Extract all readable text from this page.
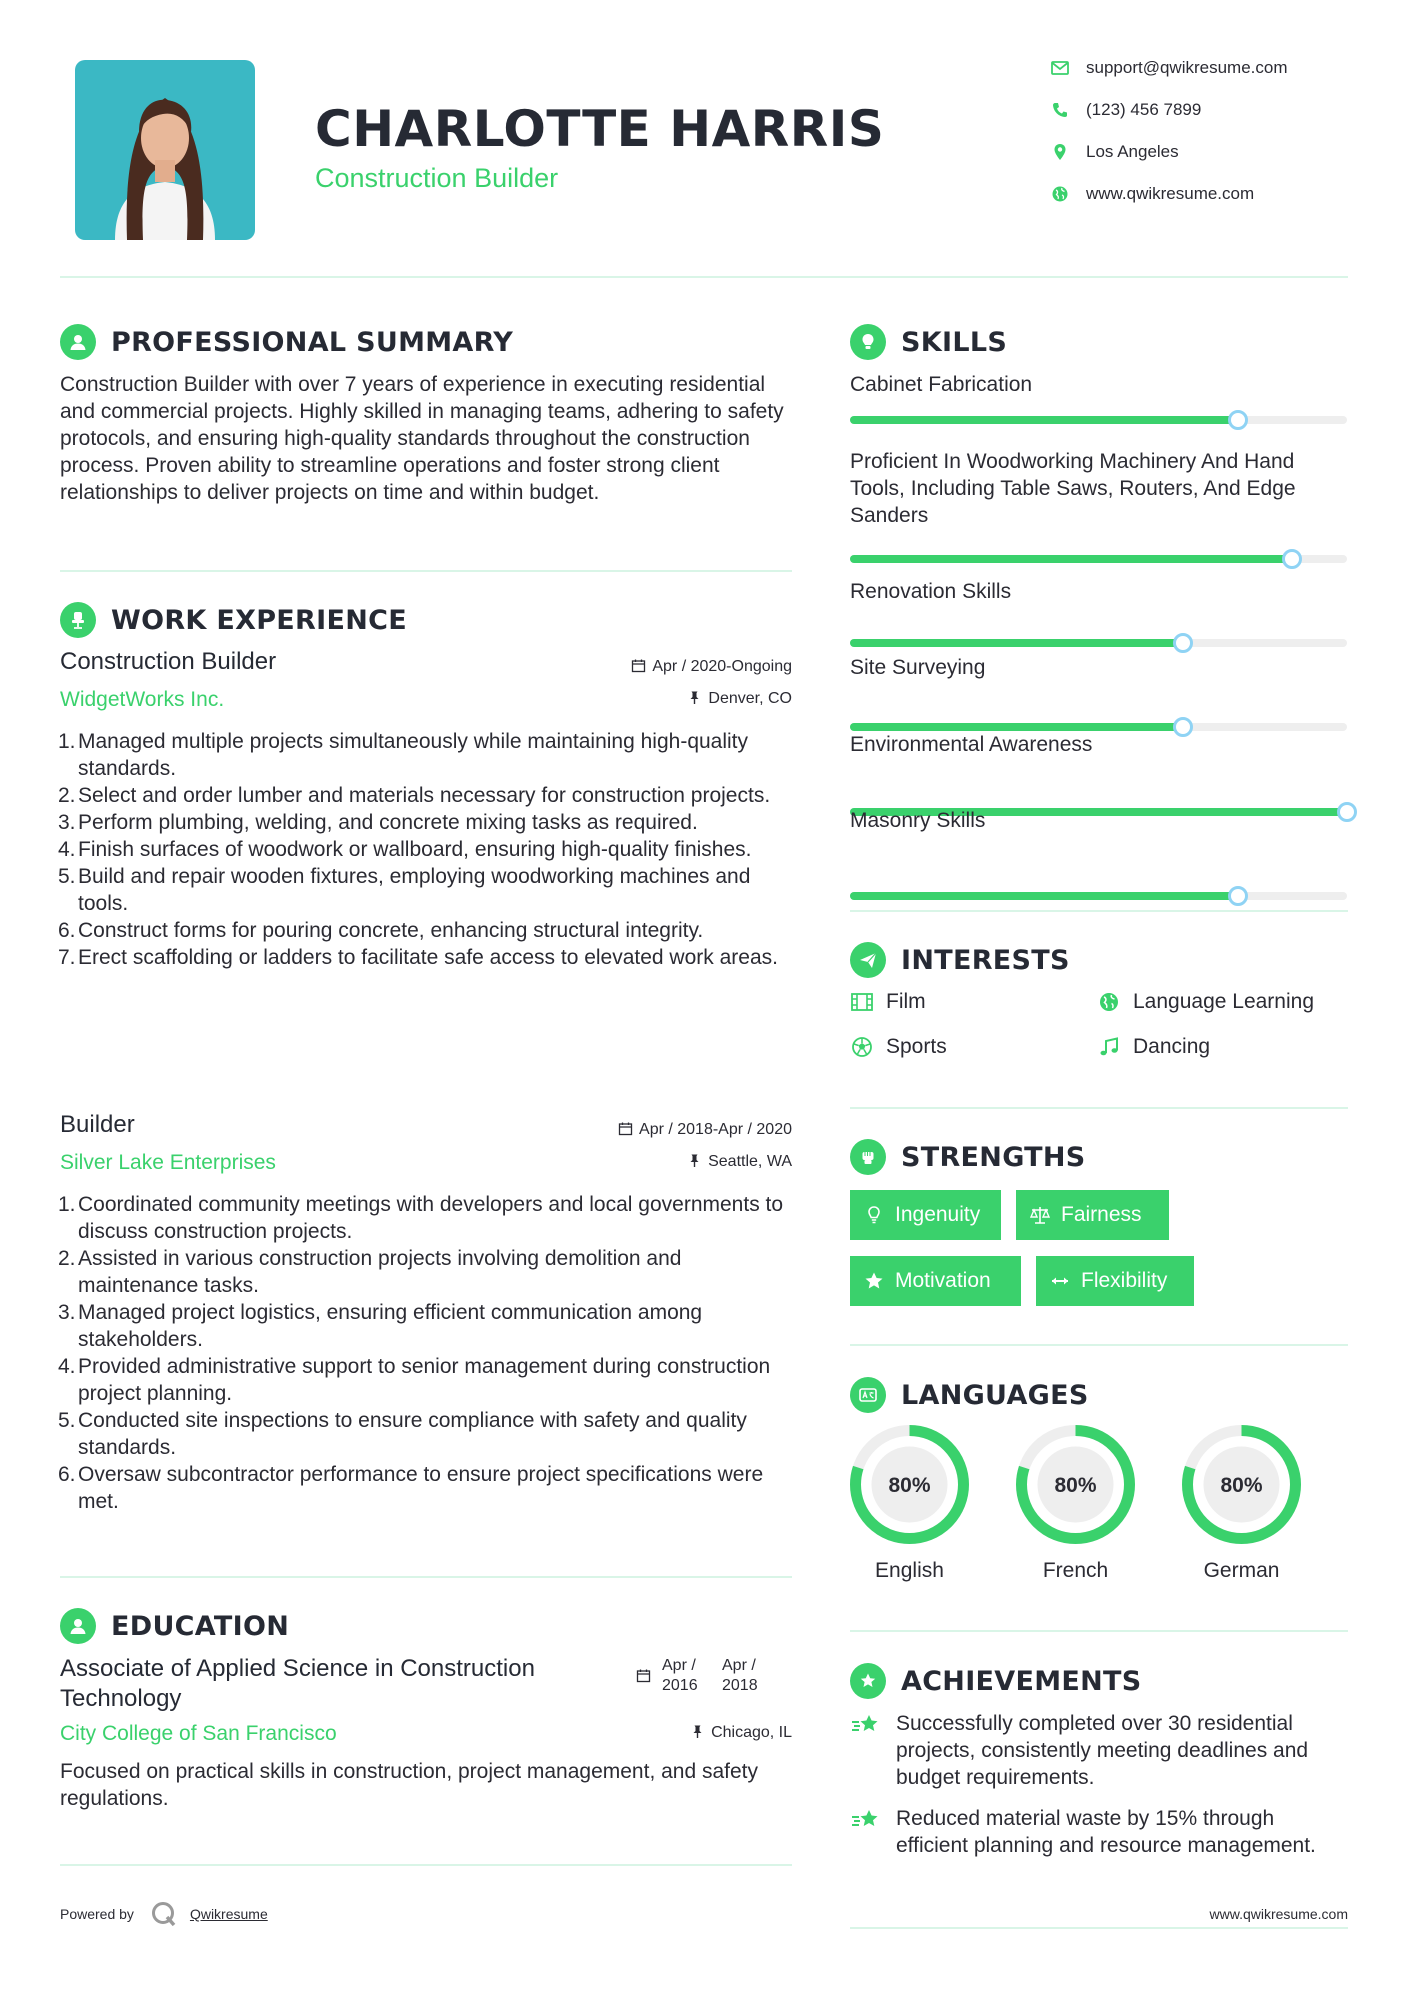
CHARLOTTE HARRIS
Construction Builder
support@qwikresume.com
(123) 456 7899
Los Angeles
www.qwikresume.com
PROFESSIONAL SUMMARY
Construction Builder with over 7 years of experience in executing residential and commercial projects. Highly skilled in managing teams, adhering to safety protocols, and ensuring high-quality standards throughout the construction process. Proven ability to streamline operations and foster strong client relationships to deliver projects on time and within budget.
WORK EXPERIENCE
Construction Builder	Apr / 2020-Ongoing
WidgetWorks Inc.	Denver, CO
1. Managed multiple projects simultaneously while maintaining high-quality standards.
2. Select and order lumber and materials necessary for construction projects.
3. Perform plumbing, welding, and concrete mixing tasks as required.
4. Finish surfaces of woodwork or wallboard, ensuring high-quality finishes.
5. Build and repair wooden fixtures, employing woodworking machines and tools.
6. Construct forms for pouring concrete, enhancing structural integrity.
7. Erect scaffolding or ladders to facilitate safe access to elevated work areas.
Builder	Apr / 2018-Apr / 2020
Silver Lake Enterprises	Seattle, WA
1. Coordinated community meetings with developers and local governments to discuss construction projects.
2. Assisted in various construction projects involving demolition and maintenance tasks.
3. Managed project logistics, ensuring efficient communication among stakeholders.
4. Provided administrative support to senior management during construction project planning.
5. Conducted site inspections to ensure compliance with safety and quality standards.
6. Oversaw subcontractor performance to ensure project specifications were met.
EDUCATION
Associate of Applied Science in Construction Technology
Apr / 2016
Apr / 2018
City College of San Francisco	Chicago, IL
Focused on practical skills in construction, project management, and safety regulations.
SKILLS
Cabinet Fabrication
Proficient In Woodworking Machinery And Hand Tools, Including Table Saws, Routers, And Edge Sanders
Renovation Skills
Site Surveying
Environmental Awareness
Masonry Skills
INTERESTS
Film	Language Learning
Sports	Dancing
STRENGTHS
Ingenuity	Fairness
Motivation	Flexibility
LANGUAGES
80%
English
80%
French
80%
German
ACHIEVEMENTS
Successfully completed over 30 residential projects, consistently meeting deadlines and budget requirements.
Reduced material waste by 15% through efficient planning and resource management.
Powered by	Qwikresume	www.qwikresume.com
